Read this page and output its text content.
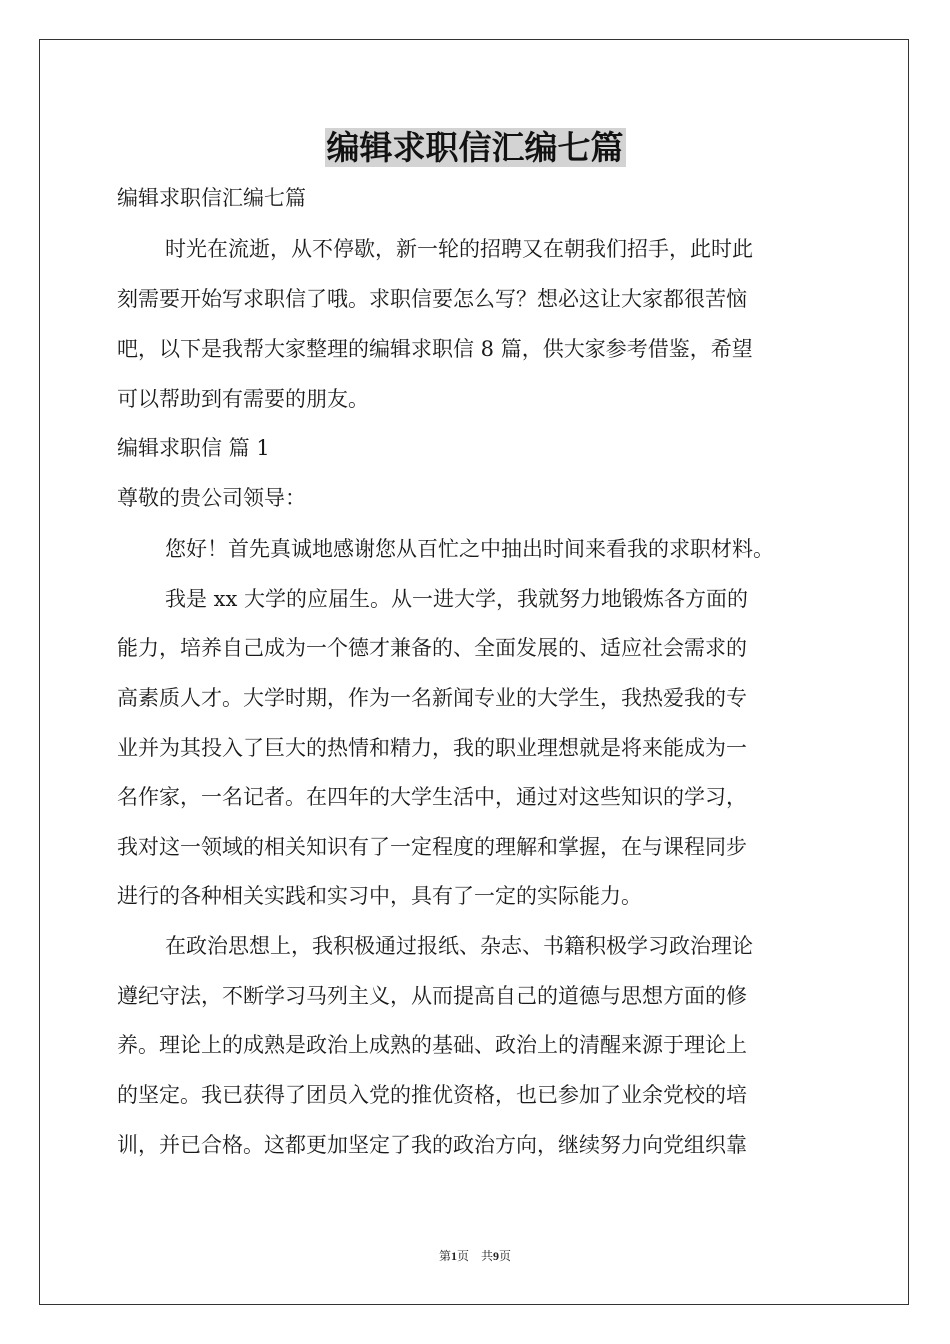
编辑求职信汇编七篇

编辑求职信汇编七篇

时光在流逝，从不停歇，新一轮的招聘又在朝我们招手，此时此

刻需要开始写求职信了哦。求职信要怎么写？想必这让大家都很苦恼

吧，以下是我帮大家整理的编辑求职信 8 篇，供大家参考借鉴，希望

可以帮助到有需要的朋友。

编辑求职信 篇 1

尊敬的贵公司领导：

您好！首先真诚地感谢您从百忙之中抽出时间来看我的求职材料。

我是 xx 大学的应届生。从一进大学，我就努力地锻炼各方面的

能力，培养自己成为一个德才兼备的、全面发展的、适应社会需求的

高素质人才。大学时期，作为一名新闻专业的大学生，我热爱我的专

业并为其投入了巨大的热情和精力，我的职业理想就是将来能成为一

名作家，一名记者。在四年的大学生活中，通过对这些知识的学习，

我对这一领域的相关知识有了一定程度的理解和掌握，在与课程同步

进行的各种相关实践和实习中，具有了一定的实际能力。

在政治思想上，我积极通过报纸、杂志、书籍积极学习政治理论

遵纪守法，不断学习马列主义，从而提高自己的道德与思想方面的修

养。理论上的成熟是政治上成熟的基础、政治上的清醒来源于理论上

的坚定。我已获得了团员入党的推优资格，也已参加了业余党校的培

训，并已合格。这都更加坚定了我的政治方向，继续努力向党组织靠

第1页　共9页
